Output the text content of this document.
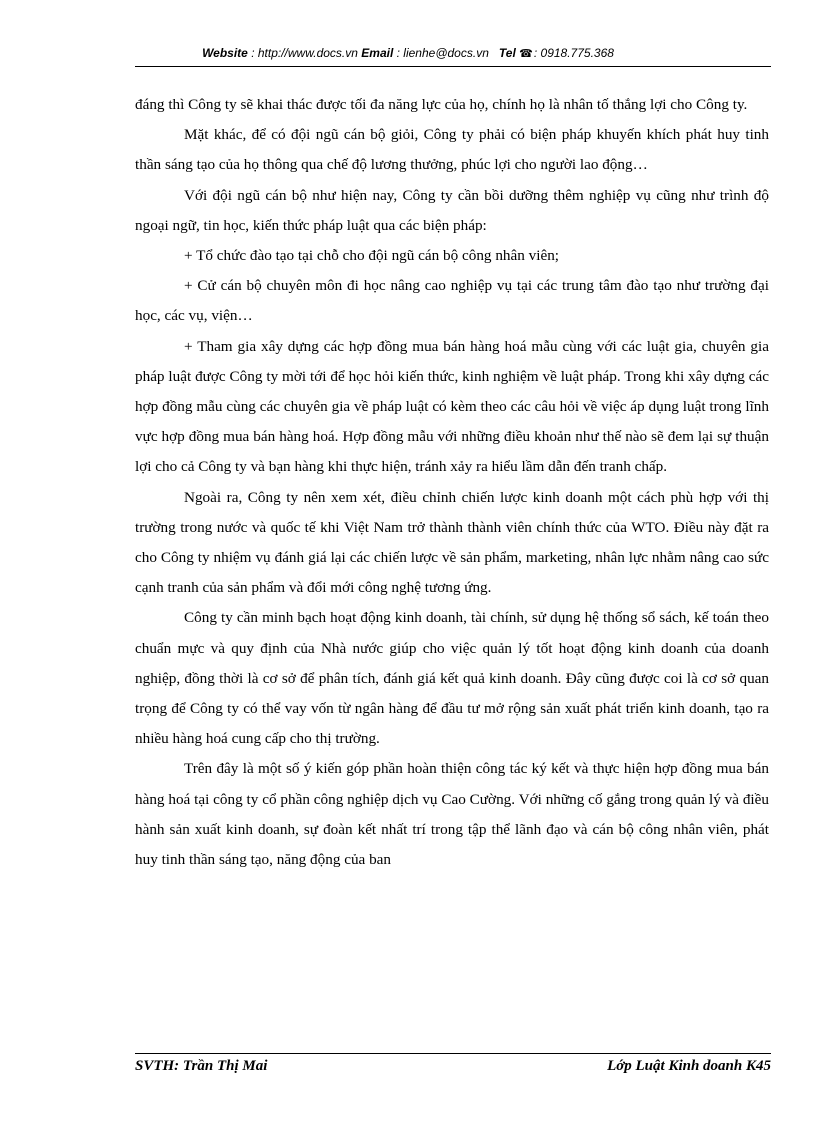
Website : http://www.docs.vn Email : lienhe@docs.vn Tel ☎: 0918.775.368

đáng thì Công ty sẽ khai thác được tối đa năng lực của họ, chính họ là nhân tố thắng lợi cho Công ty.

Mặt khác, để có đội ngũ cán bộ giỏi, Công ty phải có biện pháp khuyến khích phát huy tinh thần sáng tạo của họ thông qua chế độ lương thưởng, phúc lợi cho người lao động…

Với đội ngũ cán bộ như hiện nay, Công ty cần bồi dưỡng thêm nghiệp vụ cũng như trình độ ngoại ngữ, tin học, kiến thức pháp luật qua các biện pháp:

+ Tổ chức đào tạo tại chỗ cho đội ngũ cán bộ công nhân viên;

+ Cử cán bộ chuyên môn đi học nâng cao nghiệp vụ tại các trung tâm đào tạo như trường đại học, các vụ, viện…

+ Tham gia xây dựng các hợp đồng mua bán hàng hoá mẫu cùng với các luật gia, chuyên gia pháp luật được Công ty mời tới để học hỏi kiến thức, kinh nghiệm về luật pháp. Trong khi xây dựng các hợp đồng mẫu cùng các chuyên gia về pháp luật có kèm theo các câu hỏi về việc áp dụng luật trong lĩnh vực hợp đồng mua bán hàng hoá. Hợp đồng mẫu với những điều khoản như thế nào sẽ đem lại sự thuận lợi cho cả Công ty và bạn hàng khi thực hiện, tránh xảy ra hiểu lầm dẫn đến tranh chấp.

Ngoài ra, Công ty nên xem xét, điều chỉnh chiến lược kinh doanh một cách phù hợp với thị trường trong nước và quốc tế khi Việt Nam trở thành thành viên chính thức của WTO. Điều này đặt ra cho Công ty nhiệm vụ đánh giá lại các chiến lược về sản phẩm, marketing, nhân lực nhằm nâng cao sức cạnh tranh của sản phẩm và đổi mới công nghệ tương ứng.

Công ty cần minh bạch hoạt động kinh doanh, tài chính, sử dụng hệ thống sổ sách, kế toán theo chuẩn mực và quy định của Nhà nước giúp cho việc quản lý tốt hoạt động kinh doanh của doanh nghiệp, đồng thời là cơ sở để phân tích, đánh giá kết quả kinh doanh. Đây cũng được coi là cơ sở quan trọng để Công ty có thể vay vốn từ ngân hàng để đầu tư mở rộng sản xuất phát triển kinh doanh, tạo ra nhiều hàng hoá cung cấp cho thị trường.

Trên đây là một số ý kiến góp phần hoàn thiện công tác ký kết và thực hiện hợp đồng mua bán hàng hoá tại công ty cổ phần công nghiệp dịch vụ Cao Cường. Với những cố gắng trong quản lý và điều hành sản xuất kinh doanh, sự đoàn kết nhất trí trong tập thể lãnh đạo và cán bộ công nhân viên, phát huy tinh thần sáng tạo, năng động của ban

SVTH: Trần Thị Mai	Lớp Luật Kinh doanh K45
